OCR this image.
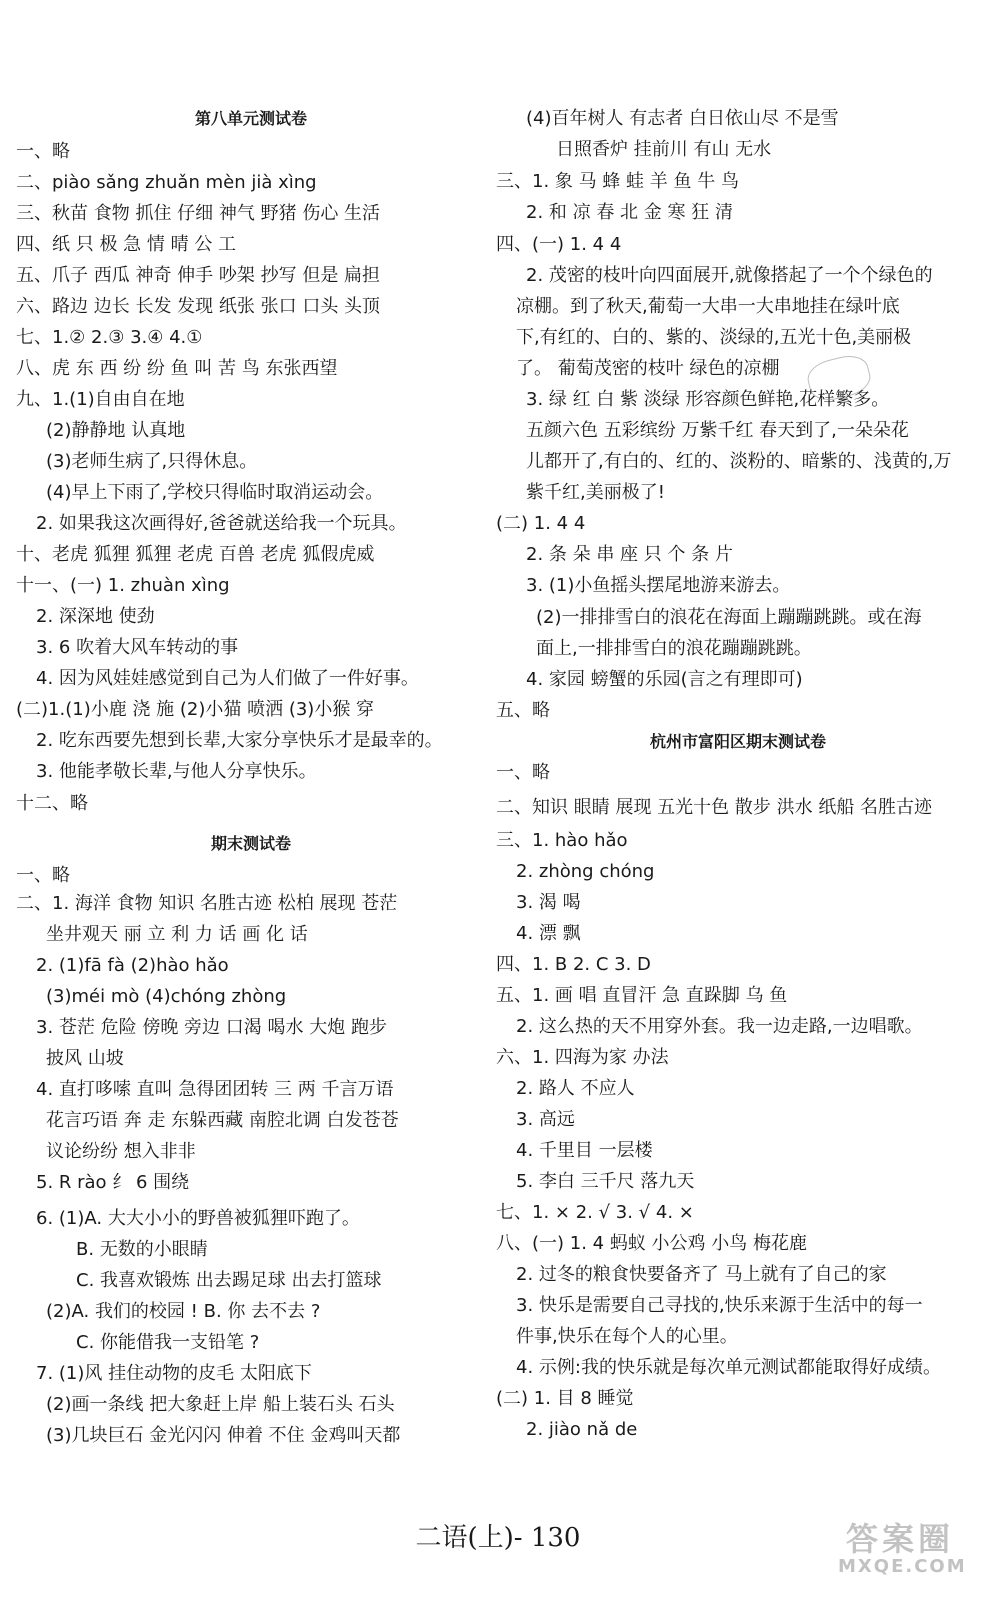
第八单元测试卷
一、略
二、piào sǎng zhuǎn mèn jià xìng
三、秋苗 食物 抓住 仔细 神气 野猪 伤心 生活
四、纸 只 极 急 情 晴 公 工
五、爪子 西瓜 神奇 伸手 吵架 抄写 但是 扁担
六、路边 边长 长发 发现 纸张 张口 口头 头顶
七、1.② 2.③ 3.④ 4.①
八、虎 东 西 纷 纷 鱼 叫 苦 鸟 东张西望
九、1.(1)自由自在地
(2)静静地 认真地
(3)老师生病了,只得休息。
(4)早上下雨了,学校只得临时取消运动会。
2. 如果我这次画得好,爸爸就送给我一个玩具。
十、老虎 狐狸 狐狸 老虎 百兽 老虎 狐假虎威
十一、(一) 1. zhuàn xìng
2. 深深地 使劲
3. 6 吹着大风车转动的事
4. 因为风娃娃感觉到自己为人们做了一件好事。
(二)1.(1)小鹿 浇 施 (2)小猫 喷洒 (3)小猴 穿
2. 吃东西要先想到长辈,大家分享快乐才是最幸的。
3. 他能孝敬长辈,与他人分享快乐。
十二、略
期末测试卷
一、略
二、1. 海洋 食物 知识 名胜古迹 松柏 展现 苍茫
坐井观天 丽 立 利 力 话 画 化 话
2. (1)fā fà (2)hào hǎo
(3)méi mò (4)chóng zhòng
3. 苍茫 危险 傍晚 旁边 口渴 喝水 大炮 跑步
披风 山坡
4. 直打哆嗦 直叫 急得团团转 三 两 千言万语
花言巧语 奔 走 东躲西藏 南腔北调 白发苍苍
议论纷纷 想入非非
5. R rào 纟 6 围绕
6. (1)A. 大大小小的野兽被狐狸吓跑了。
B. 无数的小眼睛
C. 我喜欢锻炼 出去踢足球 出去打篮球
(2)A. 我们的校园 ! B. 你 去不去 ?
C. 你能借我一支铅笔 ?
7. (1)风 挂住动物的皮毛 太阳底下
(2)画一条线 把大象赶上岸 船上装石头 石头
(3)几块巨石 金光闪闪 伸着 不住 金鸡叫天都
(4)百年树人 有志者 白日依山尽 不是雪
日照香炉 挂前川 有山 无水
三、1. 象 马 蜂 蛙 羊 鱼 牛 鸟
2. 和 凉 春 北 金 寒 狂 清
四、(一) 1. 4 4
2. 茂密的枝叶向四面展开,就像搭起了一个个绿色的
凉棚。到了秋天,葡萄一大串一大串地挂在绿叶底
下,有红的、白的、紫的、淡绿的,五光十色,美丽极
了。 葡萄茂密的枝叶 绿色的凉棚
3. 绿 红 白 紫 淡绿 形容颜色鲜艳,花样繁多。
五颜六色 五彩缤纷 万紫千红 春天到了,一朵朵花
儿都开了,有白的、红的、淡粉的、暗紫的、浅黄的,万
紫千红,美丽极了!
(二) 1. 4 4
2. 条 朵 串 座 只 个 条 片
3. (1)小鱼摇头摆尾地游来游去。
(2)一排排雪白的浪花在海面上蹦蹦跳跳。或在海
面上,一排排雪白的浪花蹦蹦跳跳。
4. 家园 螃蟹的乐园(言之有理即可)
五、略
杭州市富阳区期末测试卷
一、略
二、知识 眼睛 展现 五光十色 散步 洪水 纸船 名胜古迹
三、1. hào hǎo
2. zhòng chóng
3. 渴 喝
4. 漂 飘
四、1. B 2. C 3. D
五、1. 画 唱 直冒汗 急 直跺脚 乌 鱼
2. 这么热的天不用穿外套。我一边走路,一边唱歌。
六、1. 四海为家 办法
2. 路人 不应人
3. 高远
4. 千里目 一层楼
5. 李白 三千尺 落九天
七、1. × 2. √ 3. √ 4. ×
八、(一) 1. 4 蚂蚁 小公鸡 小鸟 梅花鹿
2. 过冬的粮食快要备齐了 马上就有了自己的家
3. 快乐是需要自己寻找的,快乐来源于生活中的每一
件事,快乐在每个人的心里。
4. 示例:我的快乐就是每次单元测试都能取得好成绩。
(二) 1. 目 8 睡觉
2. jiào nǎ de
二语(上)- 130	答案圈
MXQE.COM
